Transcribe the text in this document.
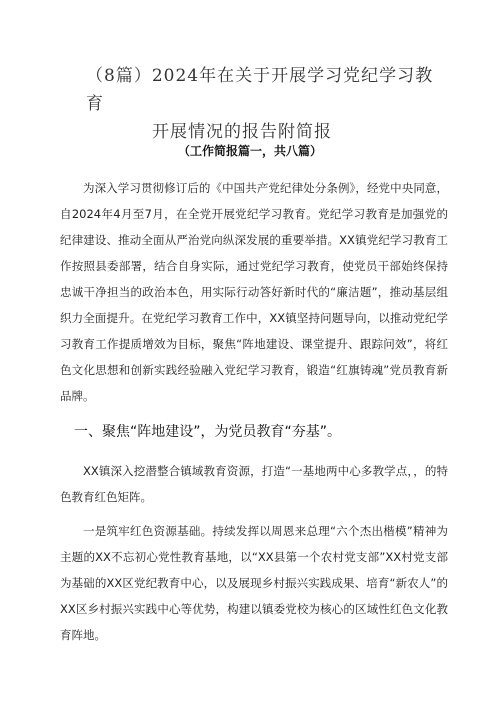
（8篇）2024年在关于开展学习党纪学习教育
开展情况的报告附简报

（工作简报篇一，共八篇）

为深入学习贯彻修订后的《中国共产党纪律处分条例》，经党中央同意，自2024年4月至7月，在全党开展党纪学习教育。党纪学习教育是加强党的纪律建设、推动全面从严治党向纵深发展的重要举措。XX镇党纪学习教育工作按照县委部署，结合自身实际，通过党纪学习教育，使党员干部始终保持忠诚干净担当的政治本色，用实际行动答好新时代的“廉洁题”，推动基层组织力全面提升。在党纪学习教育工作中，XX镇坚持问题导向，以推动党纪学习教育工作提质增效为目标，聚焦“阵地建设、课堂提升、跟踪问效”，将红色文化思想和创新实践经验融入党纪学习教育，锻造“红旗铸魂”党员教育新品牌。

一、聚焦“阵地建设”，为党员教育“夯基”。

XX镇深入挖潜整合镇域教育资源，打造“一基地两中心多教学点，，的特色教育红色矩阵。

一是筑牢红色资源基础。持续发挥以周恩来总理“六个杰出楷模”精神为主题的XX不忘初心党性教育基地，以“XX县第一个农村党支部”XX村党支部为基础的XX区党纪教育中心，以及展现乡村振兴实践成果、培育“新农人”的XX区乡村振兴实践中心等优势，构建以镇委党校为核心的区域性红色文化教育阵地。
